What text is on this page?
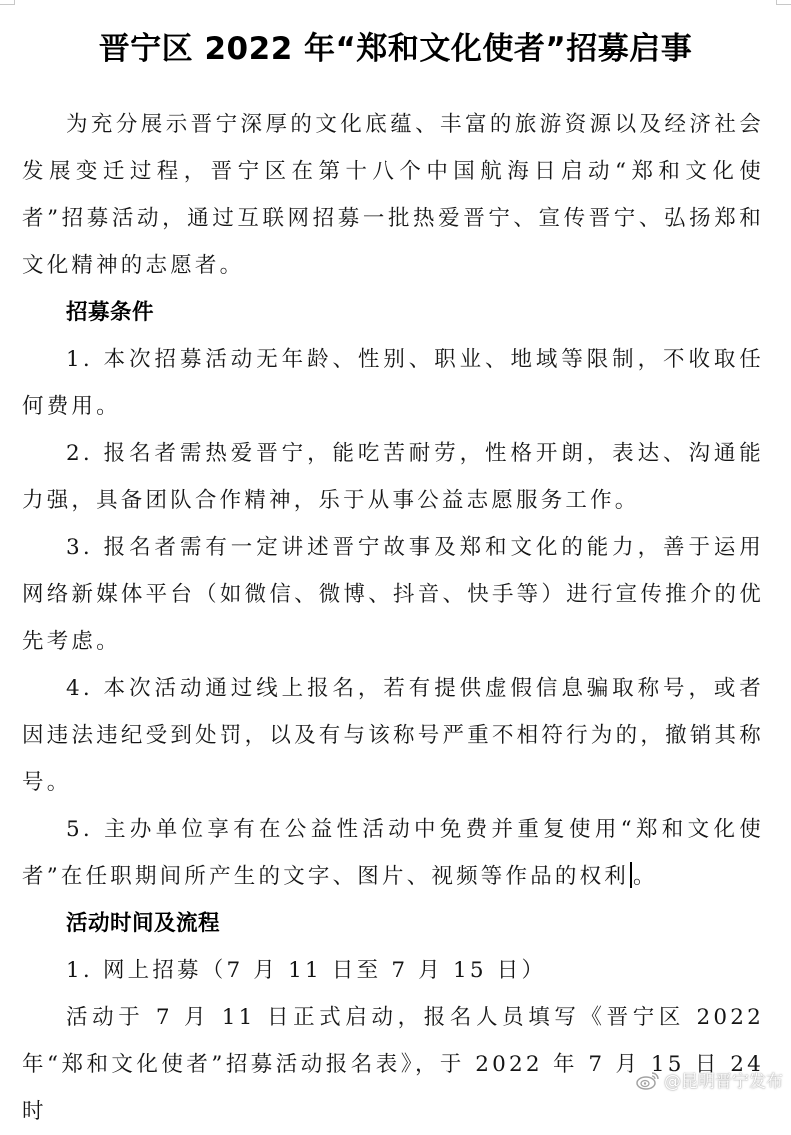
晋宁区 2022 年“郑和文化使者”招募启事

为充分展示晋宁深厚的文化底蕴、丰富的旅游资源以及经济社会发展变迁过程，晋宁区在第十八个中国航海日启动“郑和文化使者”招募活动，通过互联网招募一批热爱晋宁、宣传晋宁、弘扬郑和文化精神的志愿者。

招募条件

1. 本次招募活动无年龄、性别、职业、地域等限制，不收取任何费用。

2. 报名者需热爱晋宁，能吃苦耐劳，性格开朗，表达、沟通能力强，具备团队合作精神，乐于从事公益志愿服务工作。

3. 报名者需有一定讲述晋宁故事及郑和文化的能力，善于运用网络新媒体平台（如微信、微博、抖音、快手等）进行宣传推介的优先考虑。

4. 本次活动通过线上报名，若有提供虚假信息骗取称号，或者因违法违纪受到处罚，以及有与该称号严重不相符行为的，撤销其称号。

5. 主办单位享有在公益性活动中免费并重复使用“郑和文化使者”在任职期间所产生的文字、图片、视频等作品的权利 。

活动时间及流程

1. 网上招募（7 月 11 日至 7 月 15 日）

活动于 7 月 11 日正式启动，报名人员填写《晋宁区 2022 年“郑和文化使者”招募活动报名表》，于 2022 年 7 月 15 日 24 时

@昆明晋宁发布
